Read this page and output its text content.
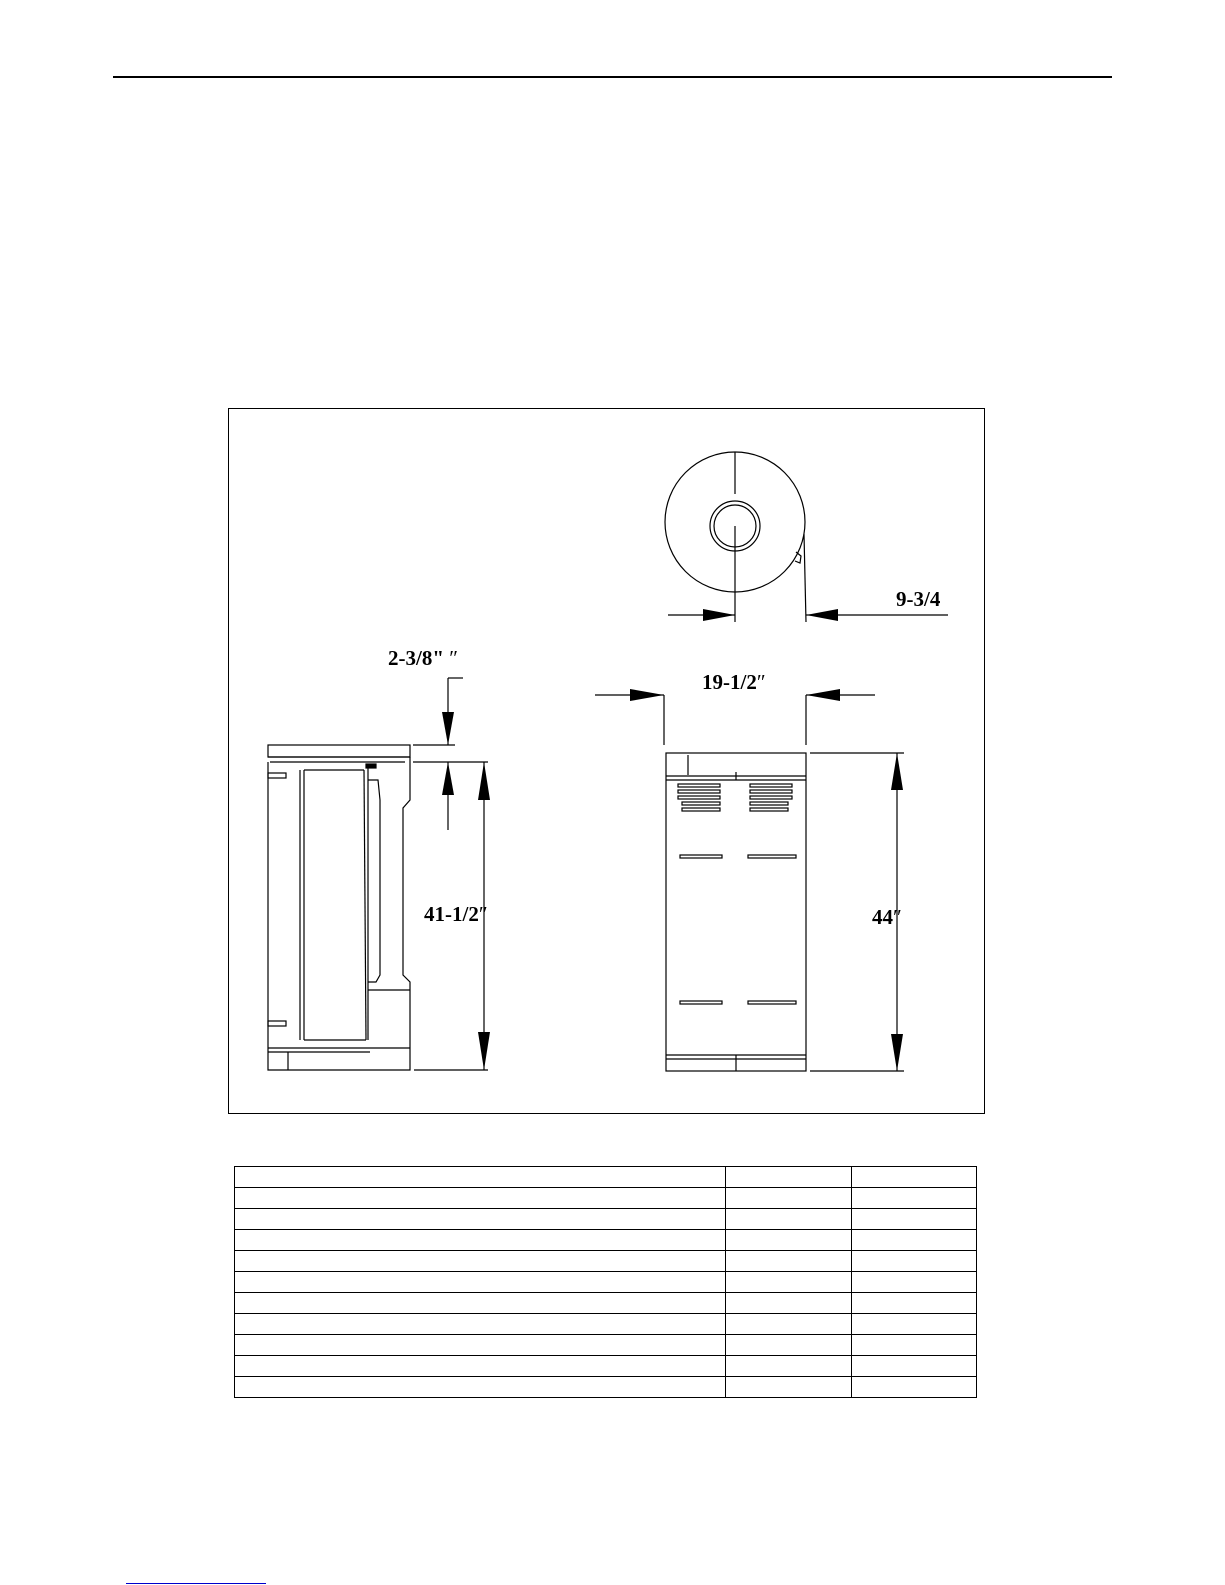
9-3/4
2-3/8" ″
41-1/2″
19-1/2″
44″
